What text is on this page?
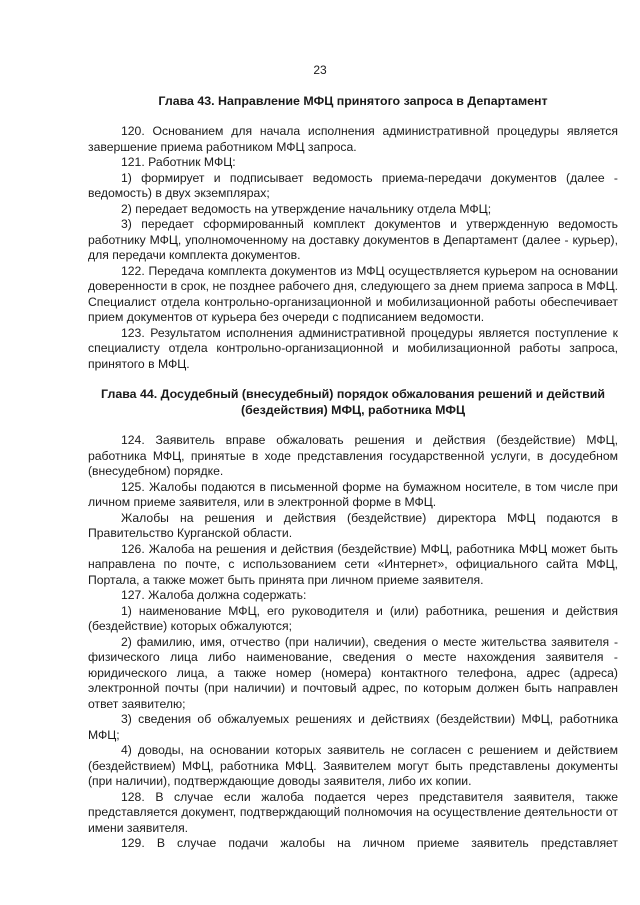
23
Глава 43. Направление МФЦ принятого запроса в Департамент

120. Основанием для начала исполнения административной процедуры является завершение приема работником МФЦ запроса.

121. Работник МФЦ:

1) формирует и подписывает ведомость приема-передачи документов (далее - ведомость) в двух экземплярах;

2) передает ведомость на утверждение начальнику отдела МФЦ;

3) передает сформированный комплект документов и утвержденную ведомость работнику МФЦ, уполномоченному на доставку документов в Департамент (далее - курьер), для передачи комплекта документов.

122. Передача комплекта документов из МФЦ осуществляется курьером на основании доверенности в срок, не позднее рабочего дня, следующего за днем приема запроса в МФЦ. Специалист отдела контрольно-организационной и мобилизационной работы обеспечивает прием документов от курьера без очереди с подписанием ведомости.

123. Результатом исполнения административной процедуры является поступление к специалисту отдела контрольно-организационной и мобилизационной работы запроса, принятого в МФЦ.

Глава 44. Досудебный (внесудебный) порядок обжалования решений и действий (бездействия) МФЦ, работника МФЦ

124. Заявитель вправе обжаловать решения и действия (бездействие) МФЦ, работника МФЦ, принятые в ходе представления государственной услуги, в досудебном (внесудебном) порядке.

125. Жалобы подаются в письменной форме на бумажном носителе, в том числе при личном приеме заявителя, или в электронной форме в МФЦ.

Жалобы на решения и действия (бездействие) директора МФЦ подаются в Правительство Курганской области.

126. Жалоба на решения и действия (бездействие) МФЦ, работника МФЦ может быть направлена по почте, с использованием сети «Интернет», официального сайта МФЦ, Портала, а также может быть принята при личном приеме заявителя.

127. Жалоба должна содержать:

1) наименование МФЦ, его руководителя и (или) работника, решения и действия (бездействие) которых обжалуются;

2) фамилию, имя, отчество (при наличии), сведения о месте жительства заявителя - физического лица либо наименование, сведения о месте нахождения заявителя - юридического лица, а также номер (номера) контактного телефона, адрес (адреса) электронной почты (при наличии) и почтовый адрес, по которым должен быть направлен ответ заявителю;

3) сведения об обжалуемых решениях и действиях (бездействии) МФЦ, работника МФЦ;

4) доводы, на основании которых заявитель не согласен с решением и действием (бездействием) МФЦ, работника МФЦ. Заявителем могут быть представлены документы (при наличии), подтверждающие доводы заявителя, либо их копии.

128. В случае если жалоба подается через представителя заявителя, также представляется документ, подтверждающий полномочия на осуществление деятельности от имени заявителя.

129. В случае подачи жалобы на личном приеме заявитель представляет
